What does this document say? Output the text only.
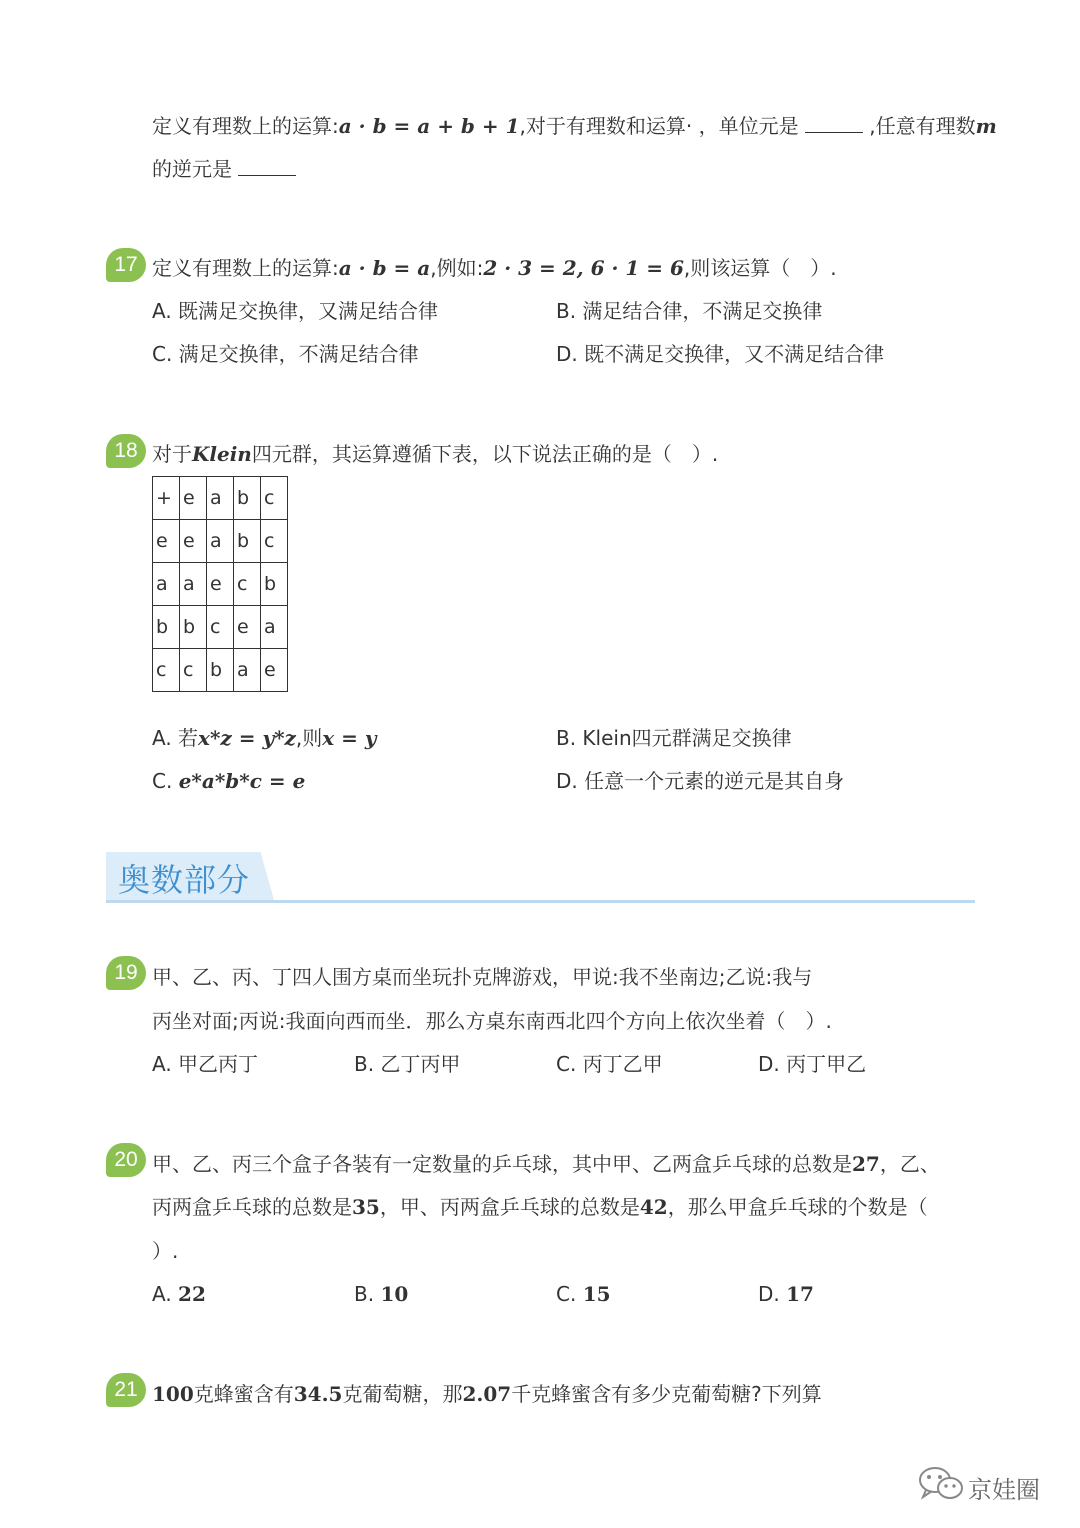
定义有理数上的运算:a · b = a + b + 1,对于有理数和运算· ，单位元是	,任意有理数m
的逆元是
17 定义有理数上的运算:a · b = a,例如:2 · 3 = 2, 6 · 1 = 6,则该运算（　）.
A. 既满足交换律，又满足结合律	B. 满足结合律，不满足交换律
C. 满足交换律，不满足结合律	D. 既不满足交换律，又不满足结合律
18 对于Klein四元群，其运算遵循下表，以下说法正确的是（　）.
+	e	a	b	c
e	e	a	b	c
a	a	e	c	b
b	b	c	e	a
c	c	b	a	e
A. 若x*z = y*z,则x = y	B. Klein四元群满足交换律
C. e*a*b*c = e	D. 任意一个元素的逆元是其自身
奥数部分
19 甲、乙、丙、丁四人围方桌而坐玩扑克牌游戏，甲说:我不坐南边;乙说:我与
丙坐对面;丙说:我面向西而坐．那么方桌东南西北四个方向上依次坐着（　）.
A. 甲乙丙丁	B. 乙丁丙甲	C. 丙丁乙甲	D. 丙丁甲乙
20 甲、乙、丙三个盒子各装有一定数量的乒乓球，其中甲、乙两盒乒乓球的总数是27，乙、
丙两盒乒乓球的总数是35，甲、丙两盒乒乓球的总数是42，那么甲盒乒乓球的个数是（
）.
A. 22	B. 10	C. 15	D. 17
21 100克蜂蜜含有34.5克葡萄糖，那2.07千克蜂蜜含有多少克葡萄糖?下列算
京娃圈
